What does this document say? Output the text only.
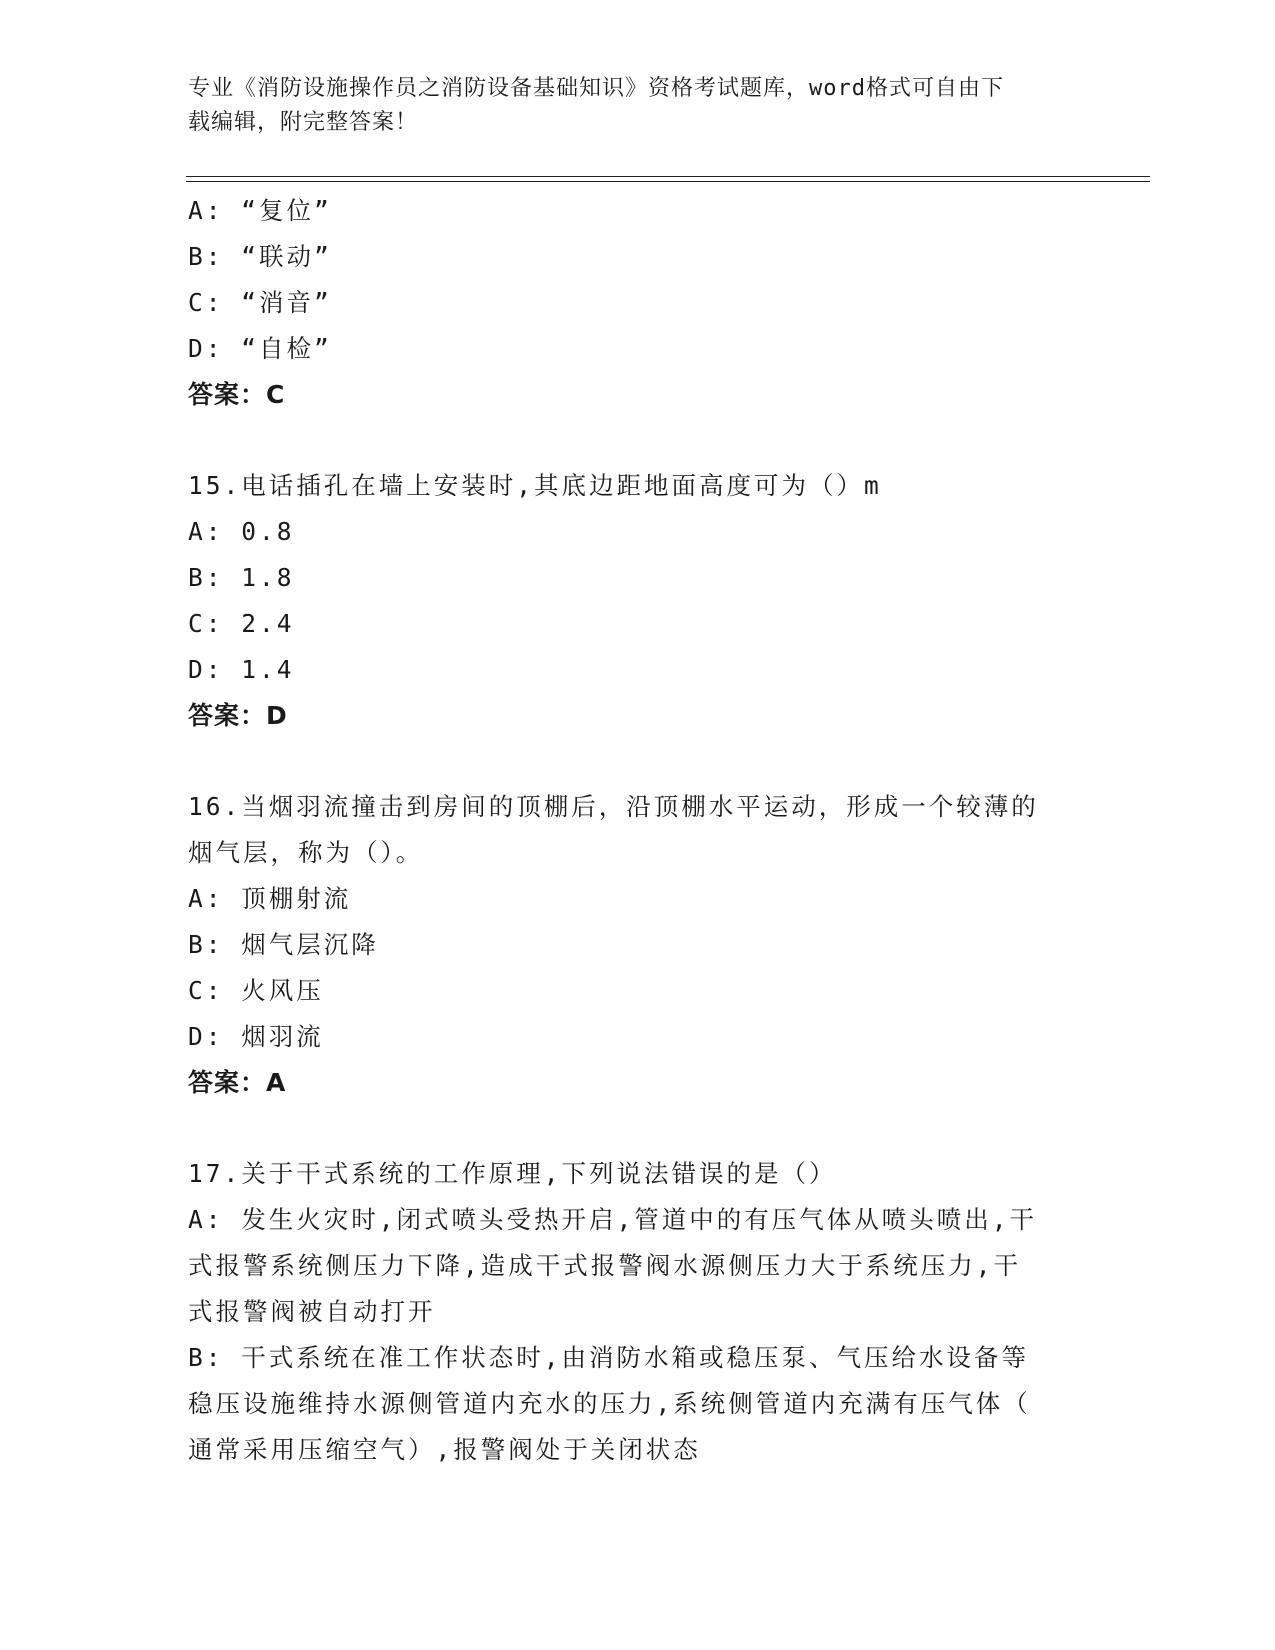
专业《消防设施操作员之消防设备基础知识》资格考试题库，word格式可自由下
载编辑，附完整答案！
A: “复位”
B: “联动”
C: “消音”
D: “自检”
答案：C
15.电话插孔在墙上安装时,其底边距地面高度可为（）m
A: 0.8
B: 1.8
C: 2.4
D: 1.4
答案：D
16.当烟羽流撞击到房间的顶棚后，沿顶棚水平运动，形成一个较薄的
烟气层，称为（）。
A: 顶棚射流
B: 烟气层沉降
C: 火风压
D: 烟羽流
答案：A
17.关于干式系统的工作原理,下列说法错误的是（）
A: 发生火灾时,闭式喷头受热开启,管道中的有压气体从喷头喷出,干
式报警系统侧压力下降,造成干式报警阀水源侧压力大于系统压力,干
式报警阀被自动打开
B: 干式系统在准工作状态时,由消防水箱或稳压泵、气压给水设备等
稳压设施维持水源侧管道内充水的压力,系统侧管道内充满有压气体（
通常采用压缩空气）,报警阀处于关闭状态
